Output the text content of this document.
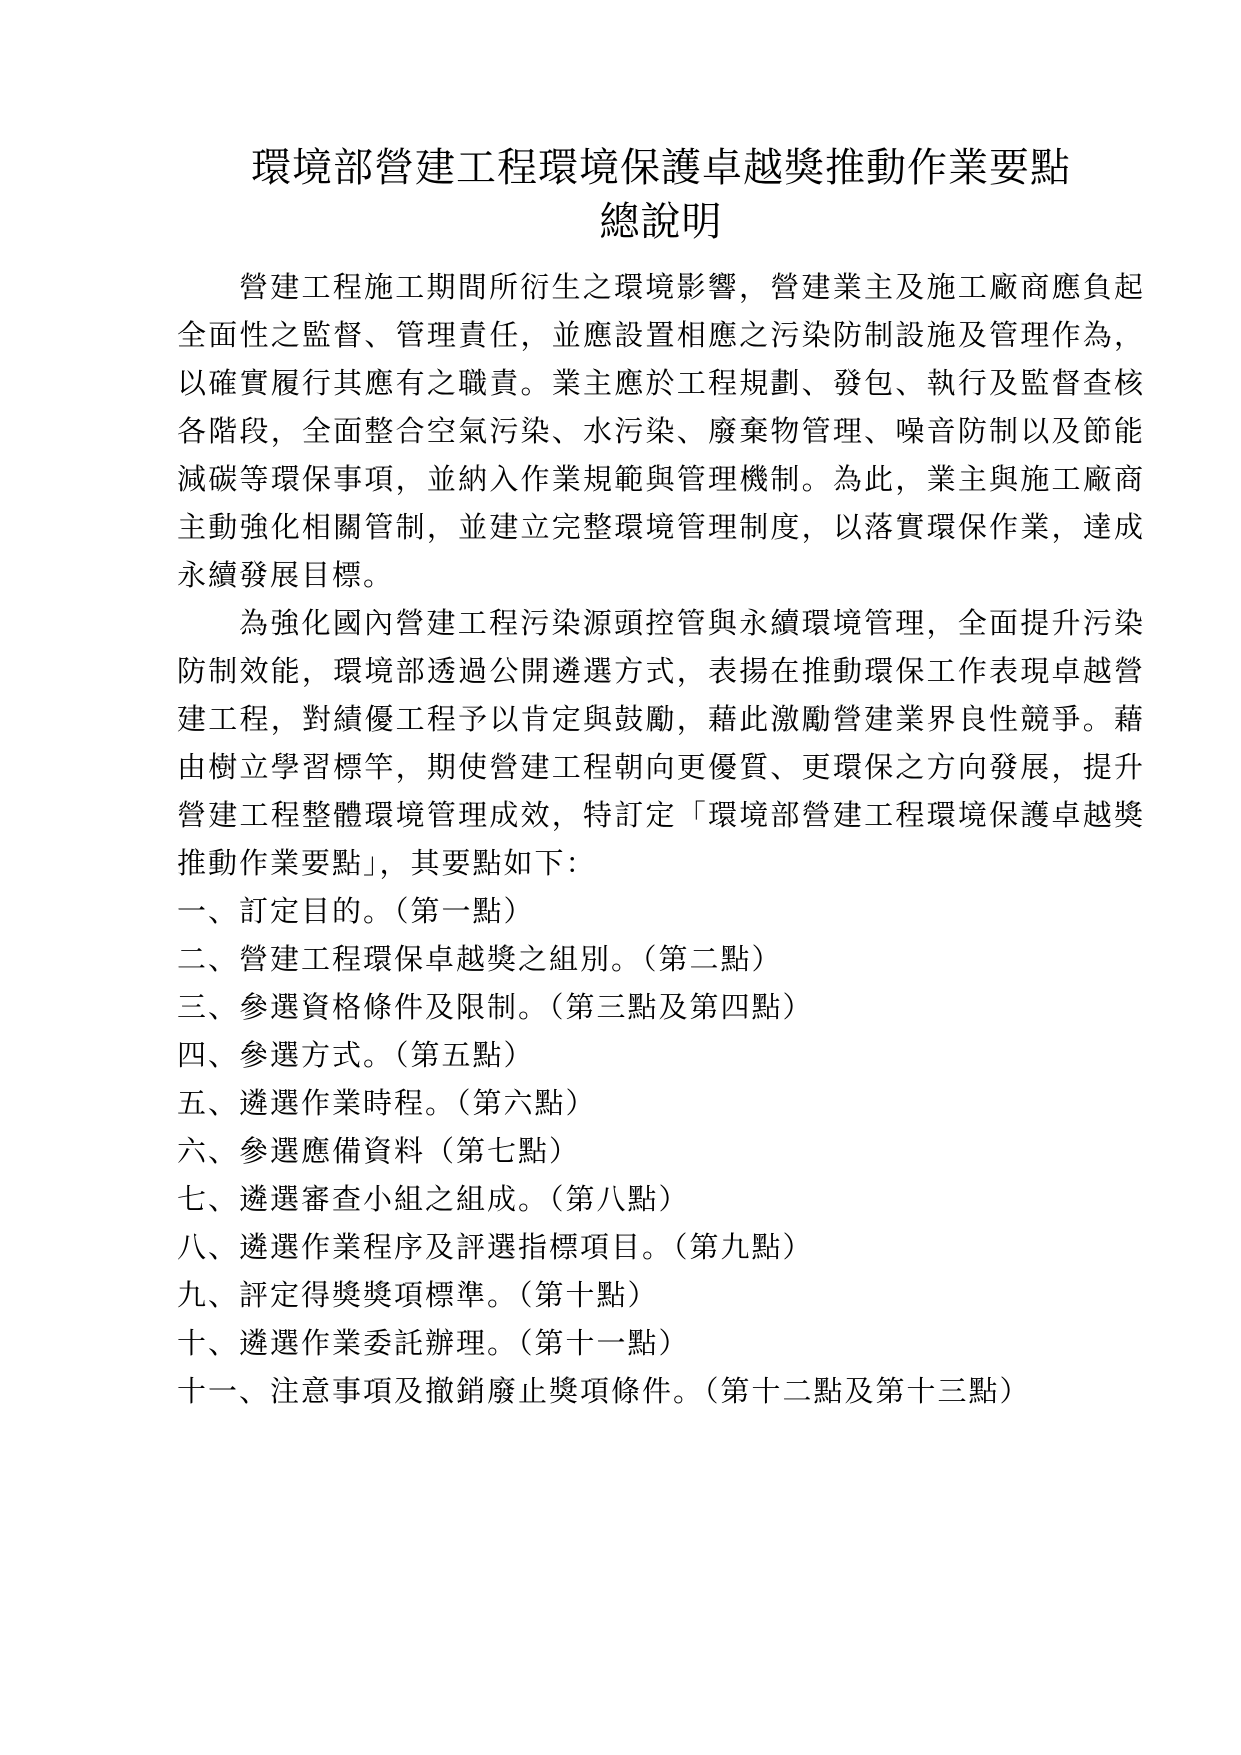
環境部營建工程環境保護卓越獎推動作業要點
總說明
營建工程施工期間所衍生之環境影響，營建業主及施工廠商應負起
全面性之監督、管理責任，並應設置相應之污染防制設施及管理作為，
以確實履行其應有之職責。業主應於工程規劃、發包、執行及監督查核
各階段，全面整合空氣污染、水污染、廢棄物管理、噪音防制以及節能
減碳等環保事項，並納入作業規範與管理機制。為此，業主與施工廠商
主動強化相關管制，並建立完整環境管理制度，以落實環保作業，達成
永續發展目標。
為強化國內營建工程污染源頭控管與永續環境管理，全面提升污染
防制效能，環境部透過公開遴選方式，表揚在推動環保工作表現卓越營
建工程，對績優工程予以肯定與鼓勵，藉此激勵營建業界良性競爭。藉
由樹立學習標竿，期使營建工程朝向更優質、更環保之方向發展，提升
營建工程整體環境管理成效，特訂定「環境部營建工程環境保護卓越獎
推動作業要點」，其要點如下：
一、訂定目的。（第一點）
二、營建工程環保卓越獎之組別。（第二點）
三、參選資格條件及限制。（第三點及第四點）
四、參選方式。（第五點）
五、遴選作業時程。（第六點）
六、參選應備資料（第七點）
七、遴選審查小組之組成。（第八點）
八、遴選作業程序及評選指標項目。（第九點）
九、評定得獎獎項標準。（第十點）
十、遴選作業委託辦理。（第十一點）
十一、注意事項及撤銷廢止獎項條件。（第十二點及第十三點）
